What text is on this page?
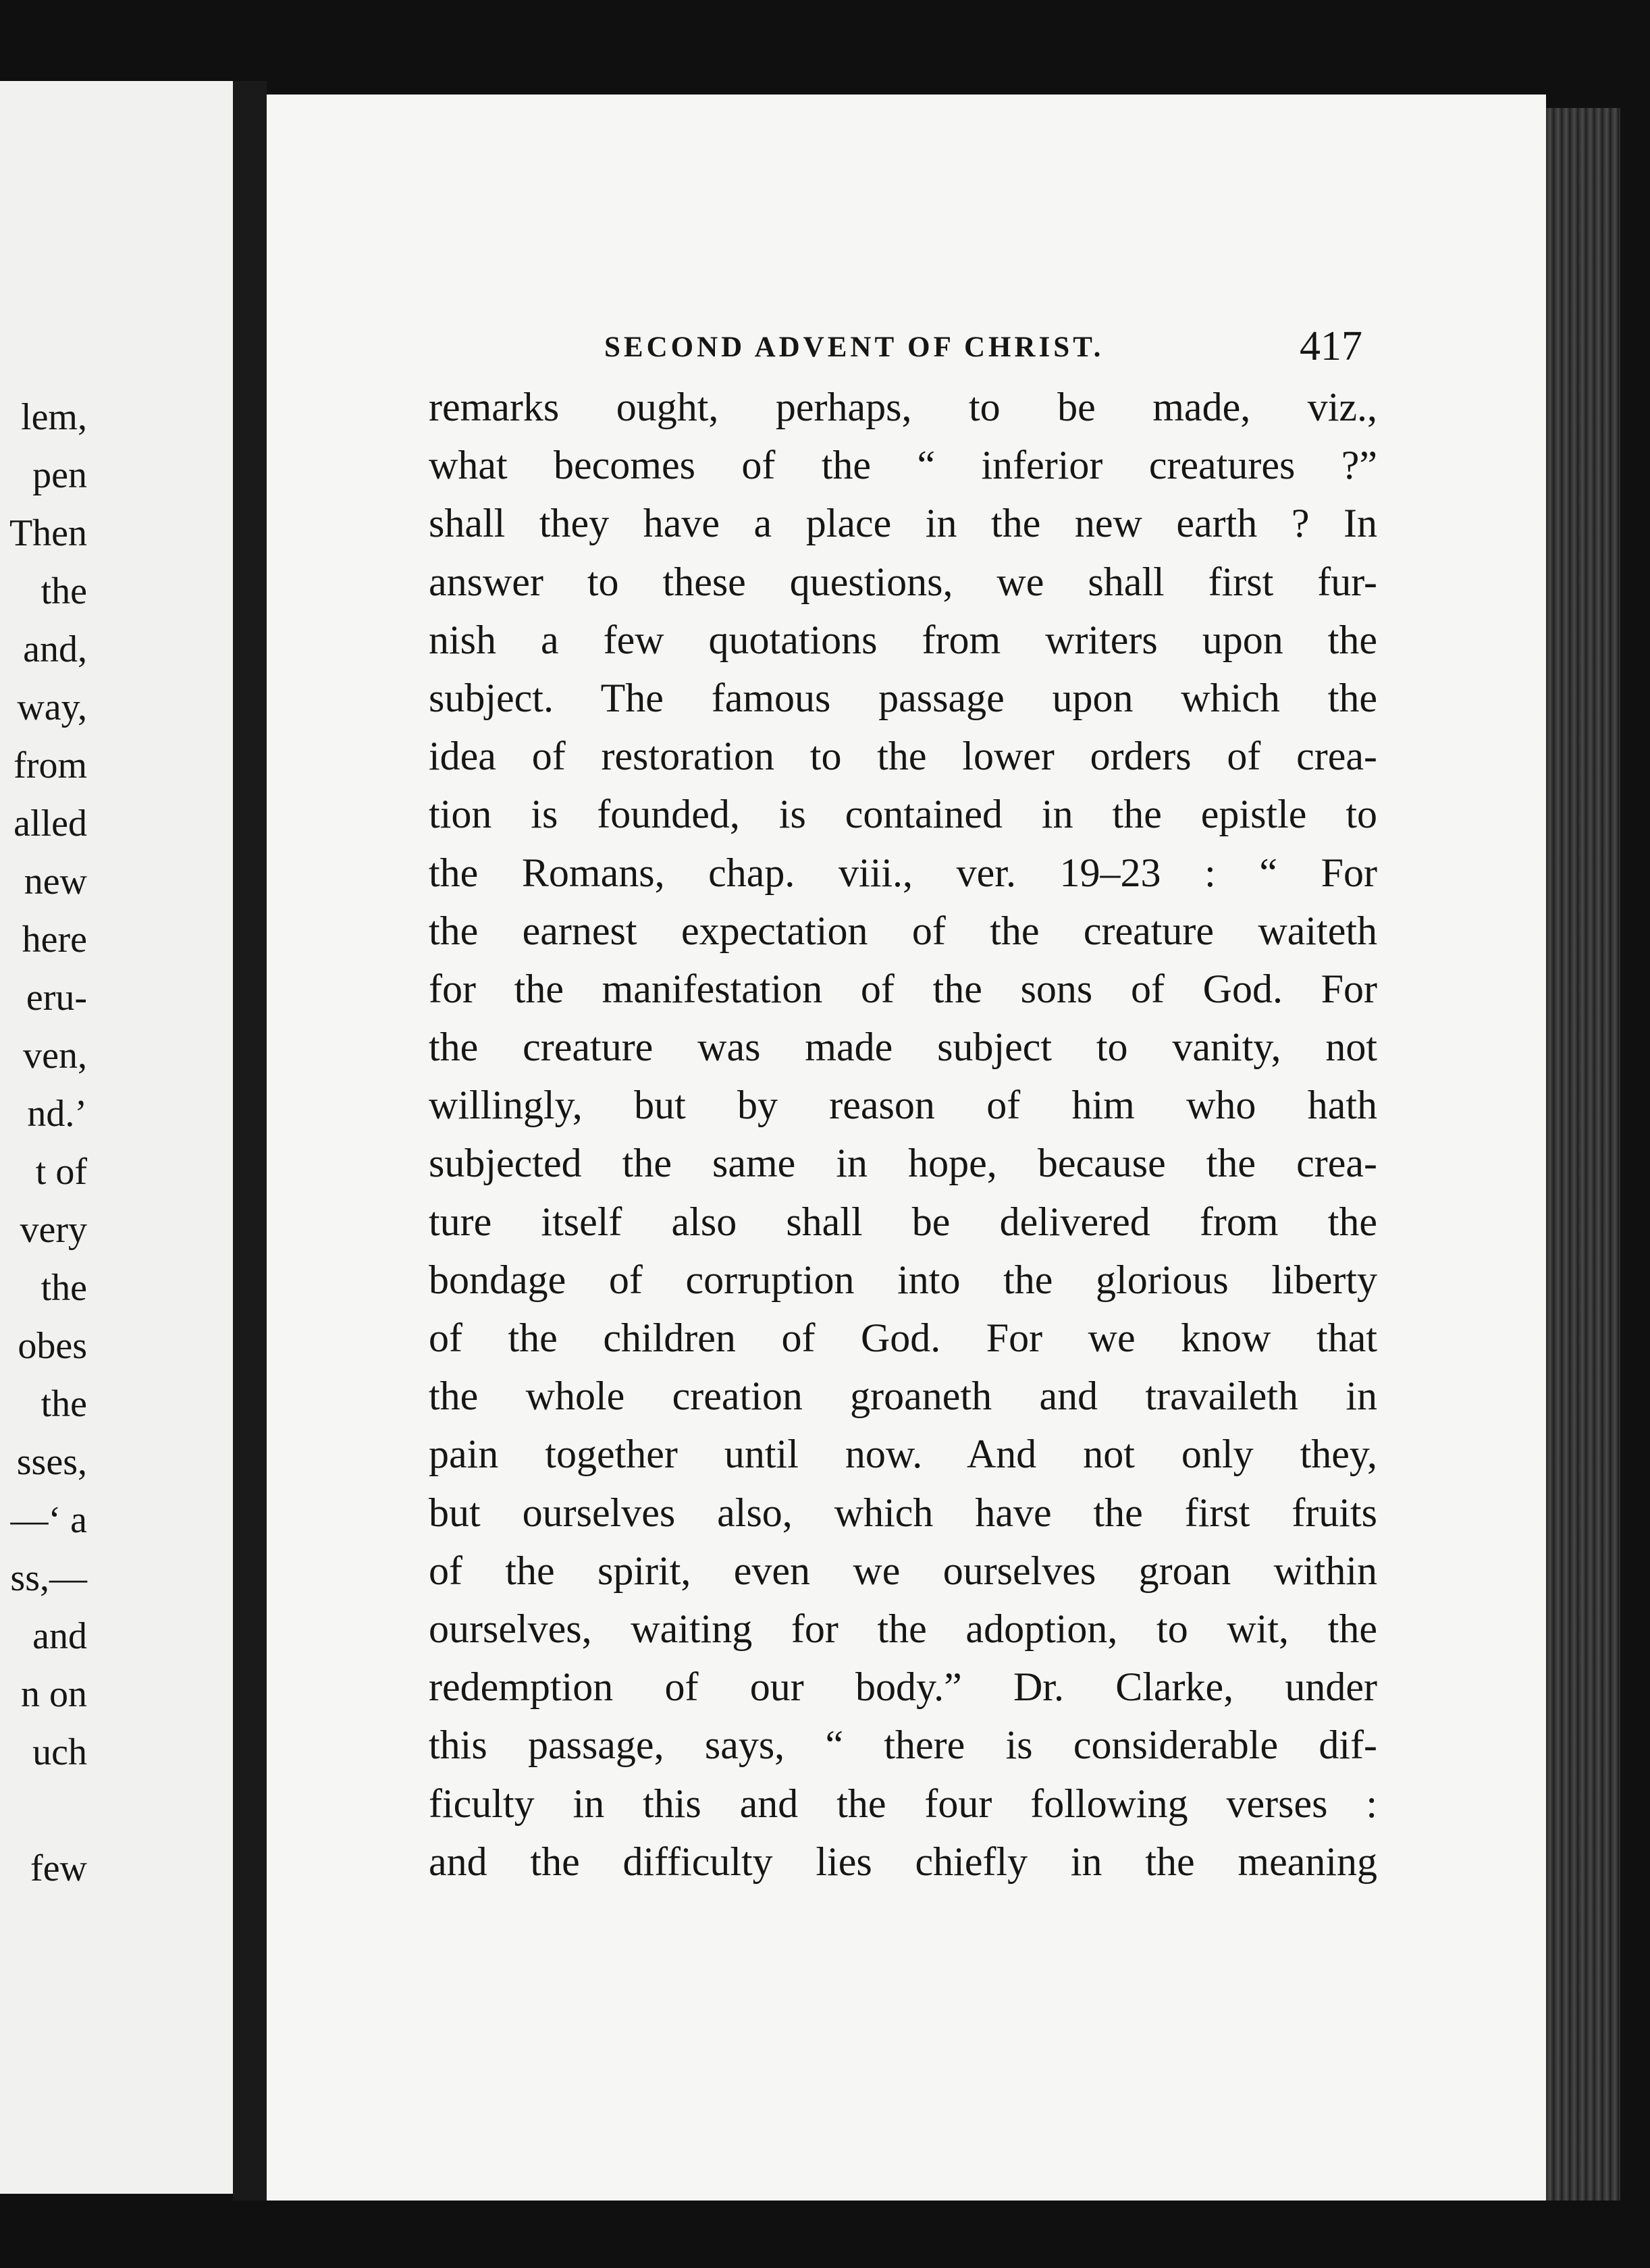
lem,
pen
Then
the
and,
way,
from
alled
new
here
eru-
ven,
nd.’
t of
very
the
obes
the
sses,
—‘ a
ss,—
and
n on
uch
few
SECOND ADVENT OF CHRIST.	417
remarks ought, perhaps, to be made, viz.,
what becomes of the “ inferior creatures ?”
shall they have a place in the new earth ? In
answer to these questions, we shall first fur-
nish a few quotations from writers upon the
subject. The famous passage upon which the
idea of restoration to the lower orders of crea-
tion is founded, is contained in the epistle to
the Romans, chap. viii., ver. 19–23 : “ For
the earnest expectation of the creature waiteth
for the manifestation of the sons of God. For
the creature was made subject to vanity, not
willingly, but by reason of him who hath
subjected the same in hope, because the crea-
ture itself also shall be delivered from the
bondage of corruption into the glorious liberty
of the children of God. For we know that
the whole creation groaneth and travaileth in
pain together until now. And not only they,
but ourselves also, which have the first fruits
of the spirit, even we ourselves groan within
ourselves, waiting for the adoption, to wit, the
redemption of our body.” Dr. Clarke, under
this passage, says, “ there is considerable dif-
ficulty in this and the four following verses :
and the difficulty lies chiefly in the meaning
